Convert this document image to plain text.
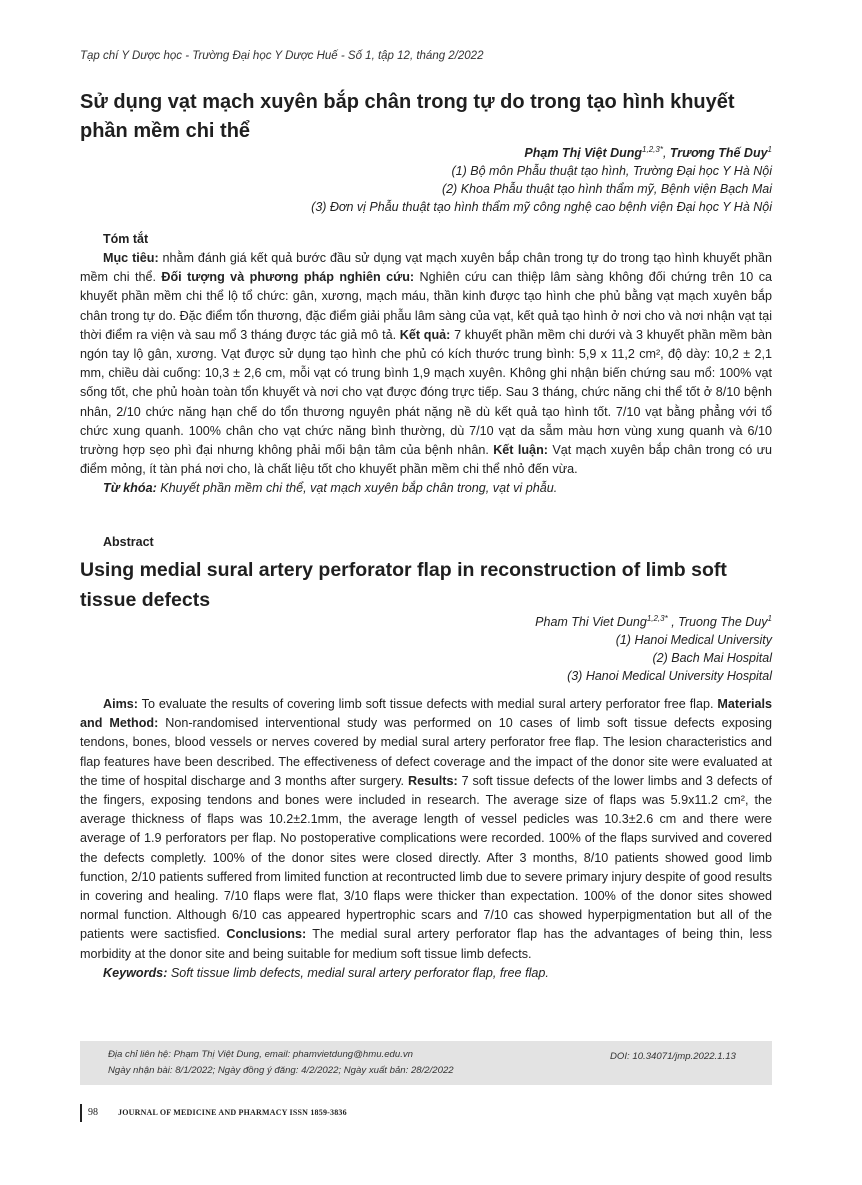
Tạp chí Y Dược học - Trường Đại học Y Dược Huế - Số 1, tập 12, tháng 2/2022
Sử dụng vạt mạch xuyên bắp chân trong tự do trong tạo hình khuyết phần mềm chi thể
Phạm Thị Việt Dung$^{1,2,3*}$, Trương Thế Duy$^1$
(1) Bộ môn Phẫu thuật tạo hình, Trường Đại học Y Hà Nội
(2) Khoa Phẫu thuật tạo hình thẩm mỹ, Bệnh viện Bạch Mai
(3) Đơn vị Phẫu thuật tạo hình thẩm mỹ công nghệ cao bệnh viện Đại học Y Hà Nội
Tóm tắt

Mục tiêu: nhằm đánh giá kết quả bước đầu sử dụng vạt mạch xuyên bắp chân trong tự do trong tạo hình khuyết phần mềm chi thể. Đối tượng và phương pháp nghiên cứu: Nghiên cứu can thiệp lâm sàng không đối chứng trên 10 ca khuyết phần mềm chi thể lộ tổ chức: gân, xương, mạch máu, thần kinh được tạo hình che phủ bằng vạt mạch xuyên bắp chân trong tự do. Đặc điểm tổn thương, đặc điểm giải phẫu lâm sàng của vạt, kết quả tạo hình ở nơi cho và nơi nhận vạt tại thời điểm ra viện và sau mổ 3 tháng được tác giả mô tả. Kết quả: 7 khuyết phần mềm chi dưới và 3 khuyết phần mềm bàn ngón tay lộ gân, xương. Vạt được sử dụng tạo hình che phủ có kích thước trung bình: 5,9 x 11,2 cm², độ dày: 10,2 ± 2,1 mm, chiều dài cuống: 10,3 ± 2,6 cm, mỗi vạt có trung bình 1,9 mạch xuyên. Không ghi nhận biến chứng sau mổ: 100% vạt sống tốt, che phủ hoàn toàn tổn khuyết và nơi cho vạt được đóng trực tiếp. Sau 3 tháng, chức năng chi thể tốt ở 8/10 bệnh nhân, 2/10 chức năng hạn chế do tổn thương nguyên phát nặng nề dù kết quả tạo hình tốt. 7/10 vạt bằng phẳng với tổ chức xung quanh. 100% chân cho vạt chức năng bình thường, dù 7/10 vạt da sẫm màu hơn vùng xung quanh và 6/10 trường hợp sẹo phì đại nhưng không phải mối bận tâm của bệnh nhân. Kết luận: Vạt mạch xuyên bắp chân trong có ưu điểm mỏng, ít tàn phá nơi cho, là chất liệu tốt cho khuyết phần mềm chi thể nhỏ đến vừa.

Từ khóa: Khuyết phần mềm chi thể, vạt mạch xuyên bắp chân trong, vạt vi phẫu.

Abstract
Using medial sural artery perforator flap in reconstruction of limb soft tissue defects
Pham Thi Viet Dung$^{1,2,3*}$ , Truong The Duy$^1$
(1) Hanoi Medical University
(2) Bach Mai Hospital
(3) Hanoi Medical University Hospital

Aims: To evaluate the results of covering limb soft tissue defects with medial sural artery perforator free flap. Materials and Method: Non-randomised interventional study was performed on 10 cases of limb soft tissue defects exposing tendons, bones, blood vessels or nerves covered by medial sural artery perforator free flap. The lesion characteristics and flap features have been described. The effectiveness of defect coverage and the impact of the donor site were evaluated at the time of hospital discharge and 3 months after surgery. Results: 7 soft tissue defects of the lower limbs and 3 defects of the fingers, exposing tendons and bones were included in research. The average size of flaps was 5.9x11.2 cm², the average thickness of flaps was 10.2±2.1mm, the average length of vessel pedicles was 10.3±2.6 cm and there were average of 1.9 perforators per flap. No postoperative complications were recorded. 100% of the flaps survived and covered the defects completly. 100% of the donor sites were closed directly. After 3 months, 8/10 patients showed good limb function, 2/10 patients suffered from limited function at recontructed limb due to severe primary injury despite of good results in covering and healing. 7/10 flaps were flat, 3/10 flaps were thicker than expectation. 100% of the donor sites showed normal function. Although 6/10 cas appeared hypertrophic scars and 7/10 cas showed hyperpigmentation but all of the patients were sactisfied. Conclusions: The medial sural artery perforator flap has the advantages of being thin, less morbidity at the donor site and being suitable for medium soft tissue limb defects.

Keywords: Soft tissue limb defects, medial sural artery perforator flap, free flap.

Địa chỉ liên hệ: Phạm Thị Việt Dung, email: phamvietdung@hmu.edu.vn	DOI: 10.34071/jmp.2022.1.13
Ngày nhận bài: 8/1/2022; Ngày đồng ý đăng: 4/2/2022; Ngày xuất bản: 28/2/2022
98	JOURNAL OF MEDICINE AND PHARMACY ISSN 1859-3836
